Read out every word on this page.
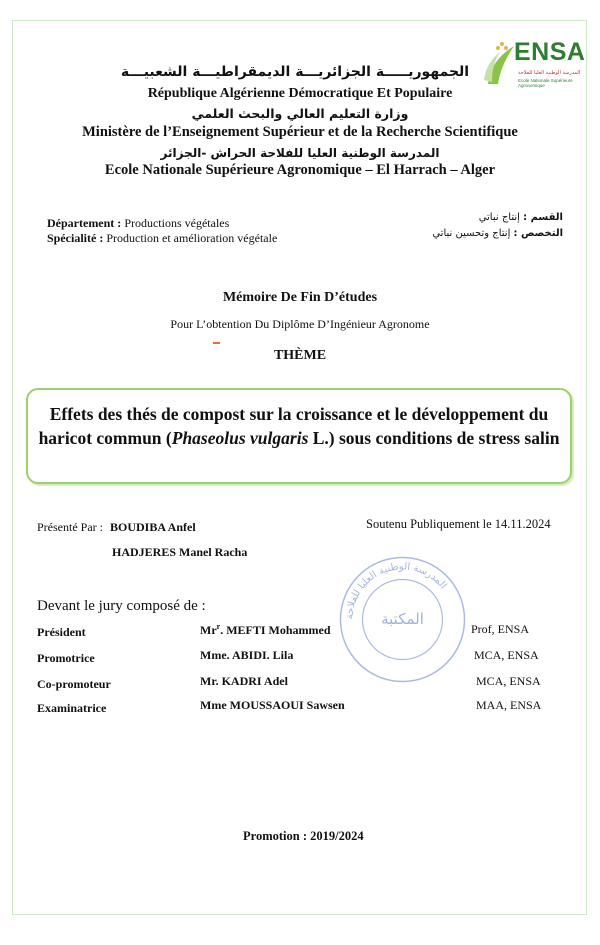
ENSA
المدرسة الوطنية العليا للفلاحة
Ecole Nationale Supérieure Agronomique
الجمهوريـــــة الجزائريـــة الديمقراطيـــة الشعبيـــة
République Algérienne Démocratique Et Populaire
وزارة التعليم العالي والبحث العلمي
Ministère de l’Enseignement Supérieur et de la Recherche Scientifique
المدرسة الوطنية العليا للفلاحة الحراش -الجزائر
Ecole Nationale Supérieure Agronomique – El Harrach – Alger
Département : Productions végétales
Spécialité : Production et amélioration végétale
القسم : إنتاج نباتي
التخصص : إنتاج وتحسين نباتي
Mémoire De Fin D’études
Pour L’obtention Du Diplôme D’Ingénieur Agronome
THÈME
Effets des thés de compost sur la croissance et le développement du haricot commun (Phaseolus vulgaris L.) sous conditions de stress salin
Présenté Par : BOUDIBA Anfel
HADJERES Manel Racha
Soutenu Publiquement le 14.11.2024
المدرسة الوطنية العليا للفلاحة
المكتبة
Devant le jury composé de :
Président	Mr$^r$. MEFTI Mohammed	Prof, ENSA
Promotrice	Mme. ABIDI. Lila	MCA, ENSA
Co-promoteur	Mr. KADRI Adel	MCA, ENSA
Examinatrice	Mme MOUSSAOUI Sawsen	MAA, ENSA
Promotion : 2019/2024
